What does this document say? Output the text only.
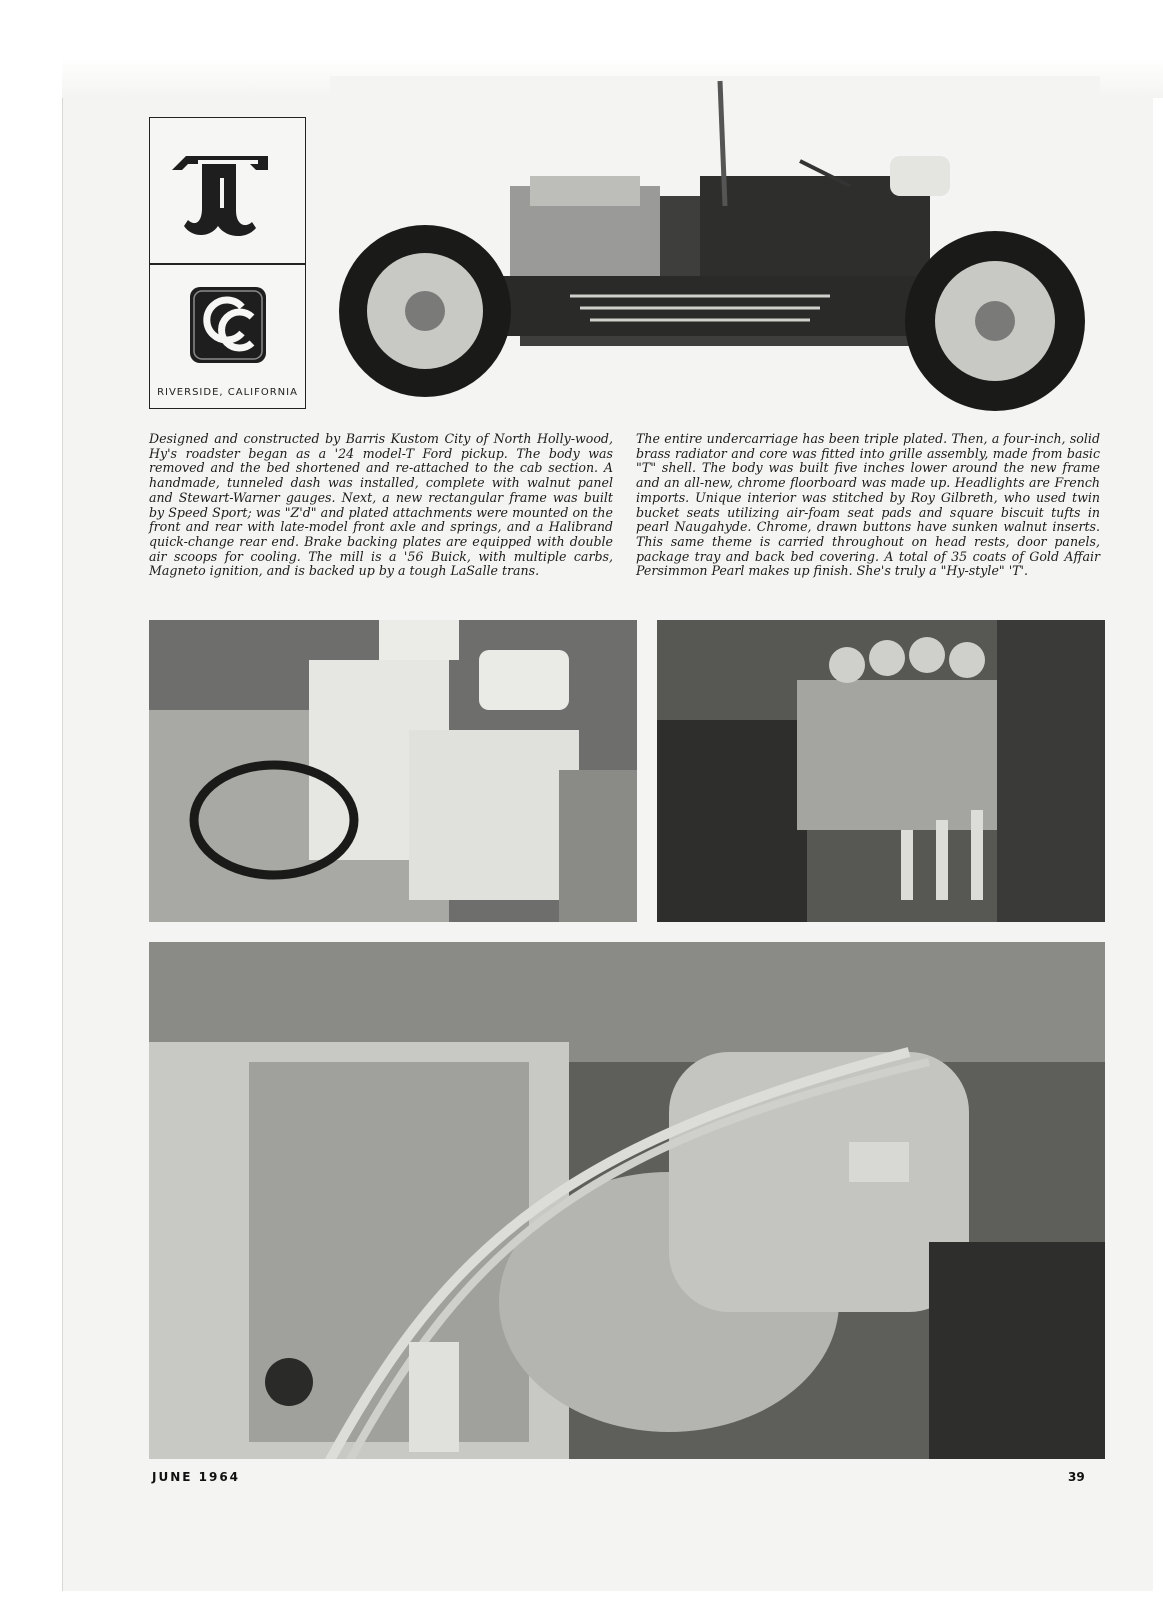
RIVERSIDE, CALIFORNIA
Designed and constructed by Barris Kustom City of North Holly-wood, Hy's roadster began as a '24 model-T Ford pickup. The body was removed and the bed shortened and re-attached to the cab section. A handmade, tunneled dash was installed, complete with walnut panel and Stewart-Warner gauges. Next, a new rectangular frame was built by Speed Sport; was "Z'd" and plated attachments were mounted on the front and rear with late-model front axle and springs, and a Halibrand quick-change rear end. Brake backing plates are equipped with double air scoops for cooling. The mill is a '56 Buick, with multiple carbs, Magneto ignition, and is backed up by a tough LaSalle trans.
The entire undercarriage has been triple plated. Then, a four-inch, solid brass radiator and core was fitted into grille assembly, made from basic "T" shell. The body was built five inches lower around the new frame and an all-new, chrome floorboard was made up. Headlights are French imports. Unique interior was stitched by Roy Gilbreth, who used twin bucket seats utilizing air-foam seat pads and square biscuit tufts in pearl Naugahyde. Chrome, drawn buttons have sunken walnut inserts. This same theme is carried throughout on head rests, door panels, package tray and back bed covering. A total of 35 coats of Gold Affair Persimmon Pearl makes up finish. She's truly a "Hy-style" 'T'.
JUNE 1964	39
